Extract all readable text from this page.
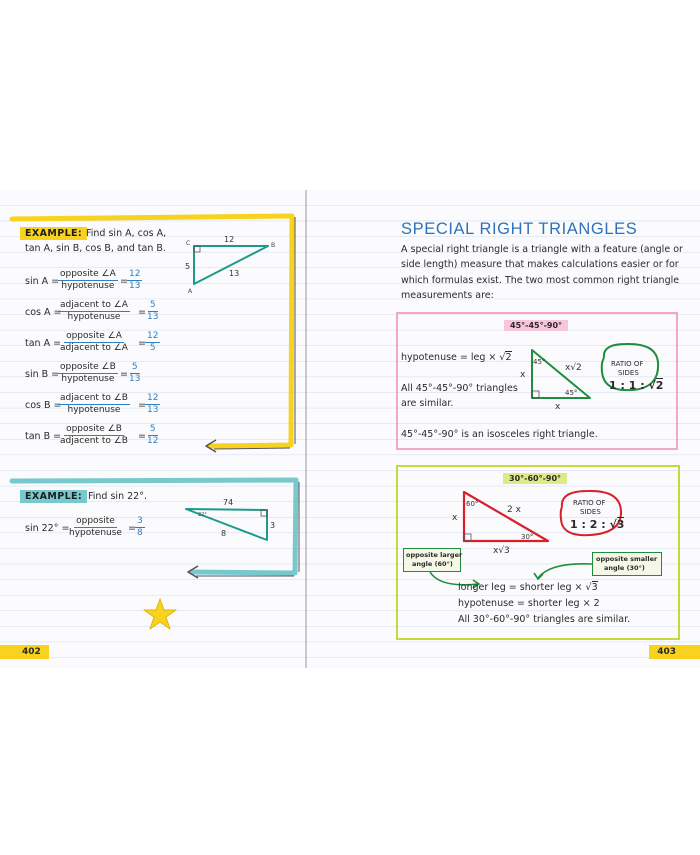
EXAMPLE: Find sin A, cos A,
tan A, sin B, cos B, and tan B.	C	B
A
12
5
13
sin A =
opposite ∠A
hypotenuse = $\frac{12}{13}$
cos A =
adjacent to ∠A
hypotenuse = $\frac{5}{13}$
tan A =
opposite ∠A
adjacent to ∠A = $\frac{12}{5}$
sin B =
opposite ∠B
hypotenuse = $\frac{5}{13}$
cos B =
adjacent to ∠B
hypotenuse = $\frac{12}{13}$
tan B =
opposite ∠B
adjacent to ∠B = $\frac{5}{12}$
EXAMPLE: Find sin 22°.
sin 22° =
opposite
hypotenuse = $\frac{3}{8}$
22°
74
3
8
402
SPECIAL RIGHT TRIANGLES
A special right triangle is a triangle with a feature (angle or
side length) measure that makes calculations easier or for
which formulas exist. The two most common right triangle
measurements are:
45°-45°-90°
hypotenuse = leg × √2
All 45°-45°-90° triangles
are similar.
45°-45°-90° is an isosceles right triangle.
45°
45°
x
x
x√2	RATIO OF
SIDES
1 : 1 : √2
30°-60°-90°
60°
30°
x
2 x
x√3
RATIO OF
SIDES
1 : 2 : √3
opposite larger
angle (60°)
opposite smaller
angle (30°)
longer leg = shorter leg × √3
hypotenuse = shorter leg × 2
All 30°-60°-90° triangles are similar.
403
